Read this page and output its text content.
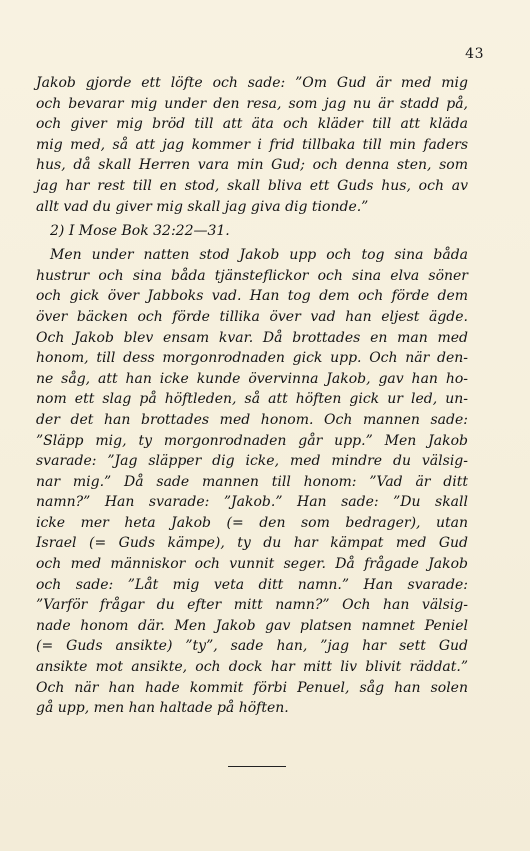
43
Jakob gjorde ett löfte och sade: ”Om Gud är med mig
och bevarar mig under den resa, som jag nu är stadd på,
och giver mig bröd till att äta och kläder till att kläda
mig med, så att jag kommer i frid tillbaka till min faders
hus, då skall Herren vara min Gud; och denna sten, som
jag har rest till en stod, skall bliva ett Guds hus, och av
allt vad du giver mig skall jag giva dig tionde.”
2) I Mose Bok 32:22—31.
Men under natten stod Jakob upp och tog sina båda
hustrur och sina båda tjänsteflickor och sina elva söner
och gick över Jabboks vad. Han tog dem och förde dem
över bäcken och förde tillika över vad han eljest ägde.
Och Jakob blev ensam kvar. Då brottades en man med
honom, till dess morgonrodnaden gick upp. Och när den-
ne såg, att han icke kunde övervinna Jakob, gav han ho-
nom ett slag på höftleden, så att höften gick ur led, un-
der det han brottades med honom. Och mannen sade:
”Släpp mig, ty morgonrodnaden går upp.” Men Jakob
svarade: ”Jag släpper dig icke, med mindre du välsig-
nar mig.” Då sade mannen till honom: ”Vad är ditt
namn?” Han svarade: ”Jakob.” Han sade: ”Du skall
icke mer heta Jakob (= den som bedrager), utan
Israel (= Guds kämpe), ty du har kämpat med Gud
och med människor och vunnit seger. Då frågade Jakob
och sade: ”Låt mig veta ditt namn.” Han svarade:
”Varför frågar du efter mitt namn?” Och han välsig-
nade honom där. Men Jakob gav platsen namnet Peniel
(= Guds ansikte) ”ty”, sade han, ”jag har sett Gud
ansikte mot ansikte, och dock har mitt liv blivit räddat.”
Och när han hade kommit förbi Penuel, såg han solen
gå upp, men han haltade på höften.
